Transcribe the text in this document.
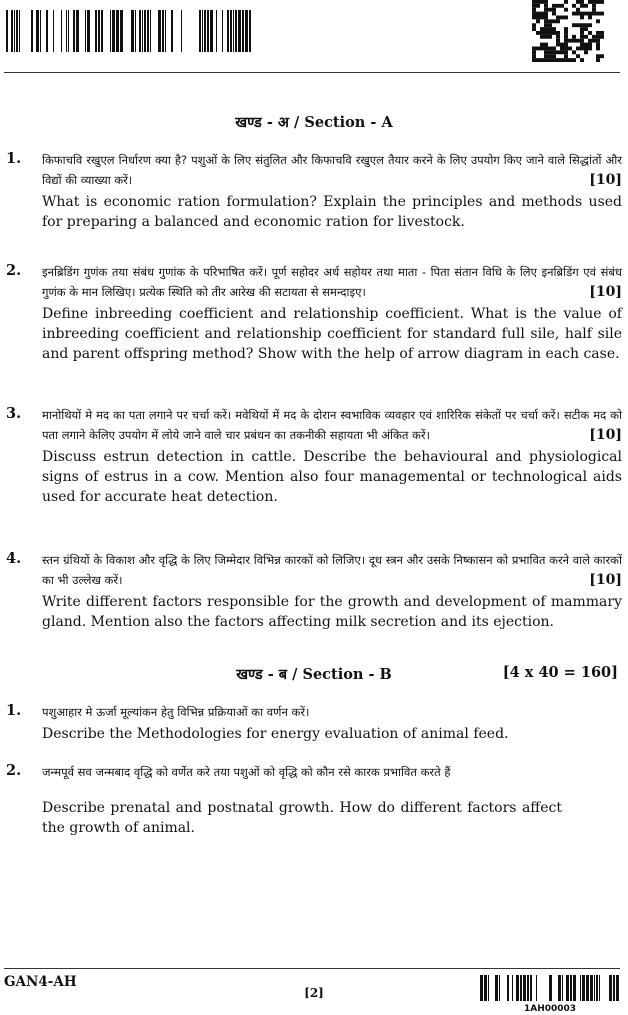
खण्ड - अ / Section - A
1. किफाचवि रखुएल निर्धारण क्या है? पशुओं के लिए संतुलित और किफाचवि रखुएल तैयार करने के लिए उपयोग किए जाने वाले सिद्धांतों और विद्यों की व्याख्या करें।	[10]
What is economic ration formulation? Explain the principles and methods used for preparing a balanced and economic ration for livestock.
2. इनब्रिडिंग गुणंक तया संबंध गुणांक के परिभाषित करें। पूर्ण सहोदर अर्ध सहोयर तथा माता - पिता संतान विधि के लिए इनब्रिडिंग एवं संबंध गुणंक के मान लिखिए। प्रत्येक स्थिति को तीर आरेख की सटायता से समन्दाइए।	[10]
Define inbreeding coefficient and relationship coefficient. What is the value of inbreeding coefficient and relationship coefficient for standard full sile, half sile and parent offspring method? Show with the help of arrow diagram in each case.
3. मानोथियों मे मद का पता लगाने पर चर्चा करें। मवेथियों में मद के दोरान स्वभाविक व्यवहार एवं शारिरिक संकेतों पर चर्चा करें। सटीक मद को पता लगाने केलिए उपयोग में लोये जाने वाले चार प्रबंधन का तकनीकी सहायता भी अंकित करें।	[10]
Discuss estrun detection in cattle. Describe the behavioural and physiological signs of estrus in a cow. Mention also four managemental or technological aids used for accurate heat detection.
4. स्तन ग्रंथियों के विकाश और वृद्धि के लिए जिम्मेदार विभिन्न कारकों को लिजिए। दूध स्त्रन और उसके निष्कासन को प्रभावित करने वाले कारकों का भी उल्लेख करें।	[10]
Write different factors responsible for the growth and development of mammary gland. Mention also the factors affecting milk secretion and its ejection.
खण्ड - ब / Section - B	[4 x 40 = 160]
1. पशुआहार मे ऊर्जा मूल्यांकन हेतु विभिन्न प्रक्रियाओं का वर्णन करें।
Describe the Methodologies for energy evaluation of animal feed.
2. जन्मपूर्व सव जन्मबाद वृद्धि को वर्णेत करे तया पशुओं को वृद्धि को कौन रसे कारक प्रभावित करते हैं
Describe prenatal and postnatal growth. How do different factors affect the growth of animal.
GAN4-AH
[2]
1AH00003
